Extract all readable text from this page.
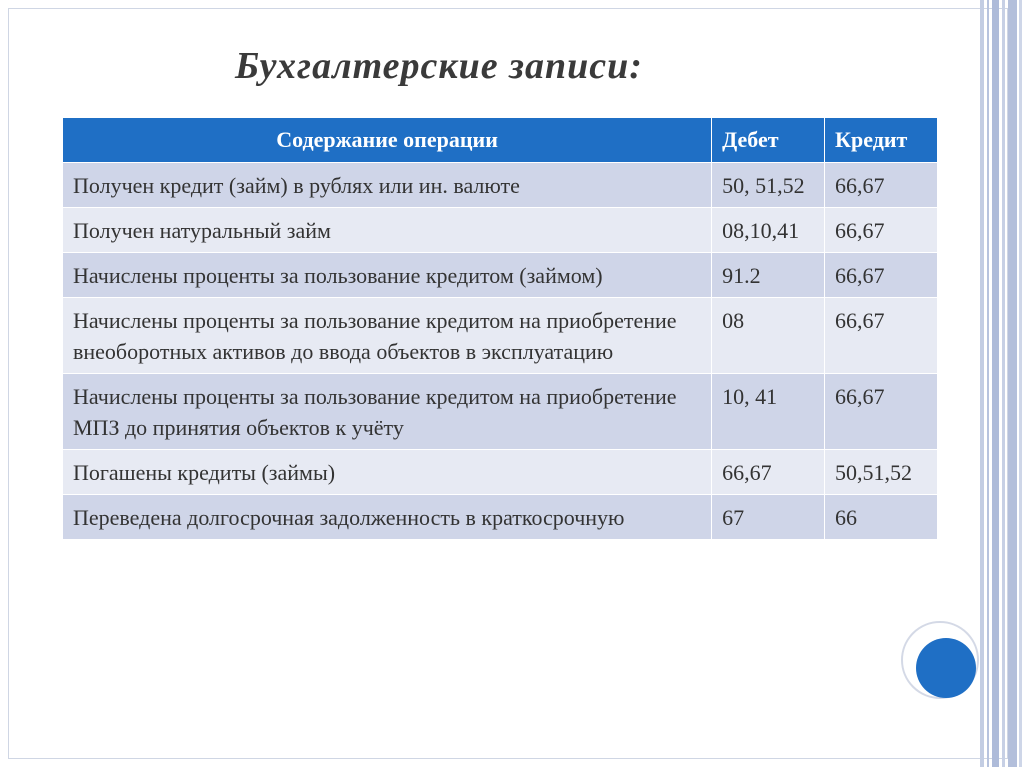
Бухгалтерские записи:
Содержание операции	Дебет	Кредит
Получен кредит (займ) в рублях или ин. валюте	50, 51,52	66,67
Получен натуральный займ	08,10,41	66,67
Начислены проценты за пользование кредитом (займом)	91.2	66,67
Начислены проценты за пользование кредитом на приобретение внеоборотных активов до ввода объектов в эксплуатацию	08	66,67
Начислены проценты за пользование кредитом на приобретение МПЗ до принятия объектов к учёту	10, 41	66,67
Погашены кредиты (займы)	66,67	50,51,52
Переведена долгосрочная задолженность в краткосрочную	67	66
